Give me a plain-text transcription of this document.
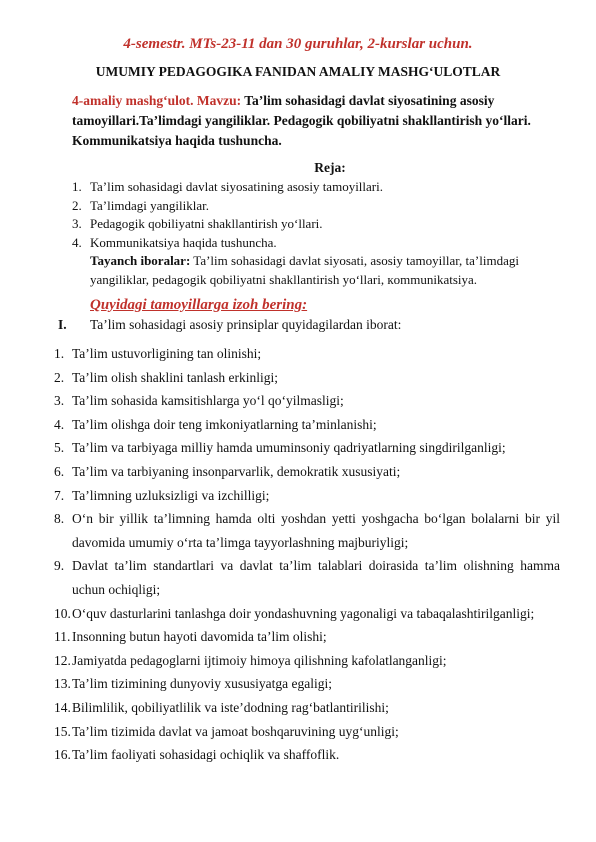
4-semestr. MTs-23-11 dan 30 guruhlar, 2-kurslar uchun.
UMUMIY PEDAGOGIKA FANIDAN AMALIY MASHG‘ULOTLAR
4-amaliy mashg‘ulot. Mavzu: Ta’lim sohasidagi davlat siyosatining asosiy tamoyillari.Ta’limdagi yangiliklar. Pedagogik qobiliyatni shakllantirish yo‘llari. Kommunikatsiya haqida tushuncha.
Reja:
1. Ta’lim sohasidagi davlat siyosatining asosiy tamoyillari.
2. Ta’limdagi yangiliklar.
3. Pedagogik qobiliyatni shakllantirish yo‘llari.
4. Kommunikatsiya haqida tushuncha.
Tayanch iboralar: Ta’lim sohasidagi davlat siyosati, asosiy tamoyillar, ta’limdagi yangiliklar, pedagogik qobiliyatni shakllantirish yo‘llari, кommunikatsiya.
Quyidagi tamoyillarga izoh bering:
I. Ta’lim sohasidagi asosiy prinsiplar quyidagilardan iborat:
1. Ta’lim ustuvorligining tan olinishi;
2. Ta’lim olish shaklini tanlash erkinligi;
3. Ta’lim sohasida kamsitishlarga yo‘l qo‘yilmasligi;
4. Ta’lim olishga doir teng imkoniyatlarning ta’minlanishi;
5. Ta’lim va tarbiyaga milliy hamda umuminsoniy qadriyatlarning singdirilganligi;
6. Ta’lim va tarbiyaning insonparvarlik, demokratik xususiyati;
7. Ta’limning uzluksizligi va izchilligi;
8. O‘n bir yillik ta’limning hamda olti yoshdan yetti yoshgacha bo‘lgan bolalarni bir yil davomida umumiy o‘rta ta’limga tayyorlashning majburiyligi;
9. Davlat ta’lim standartlari va davlat ta’lim talablari doirasida ta’lim olishning hamma uchun ochiqligi;
10. O‘quv dasturlarini tanlashga doir yondashuvning yagonaligi va tabaqalashtirilganligi;
11. Insonning butun hayoti davomida ta’lim olishi;
12. Jamiyatda pedagoglarni ijtimoiy himoya qilishning kafolatlanganligi;
13. Ta’lim tizimining dunyoviy xususiyatga egaligi;
14. Bilimlilik, qobiliyatlilik va iste’dodning rag‘batlantirilishi;
15. Ta’lim tizimida davlat va jamoat boshqaruvining uyg‘unligi;
16. Ta’lim faoliyati sohasidagi ochiqlik va shaffoflik.
